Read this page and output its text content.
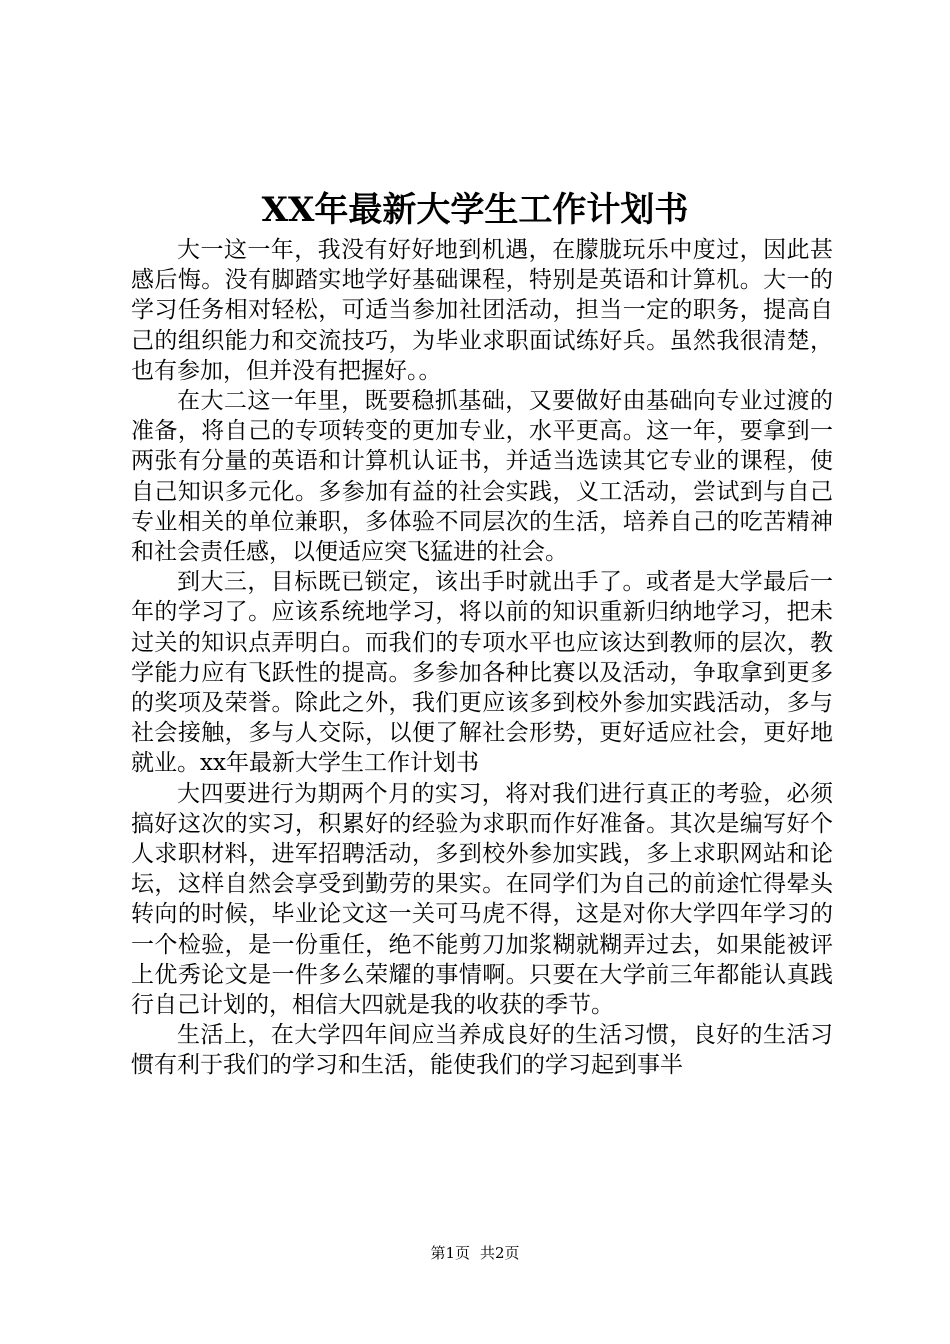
XX年最新大学生工作计划书

大一这一年，我没有好好地到机遇，在朦胧玩乐中度过，因此甚感后悔。没有脚踏实地学好基础课程，特别是英语和计算机。大一的学习任务相对轻松，可适当参加社团活动，担当一定的职务，提高自己的组织能力和交流技巧，为毕业求职面试练好兵。虽然我很清楚，也有参加，但并没有把握好。。

在大二这一年里，既要稳抓基础，又要做好由基础向专业过渡的准备，将自己的专项转变的更加专业，水平更高。这一年，要拿到一两张有分量的英语和计算机认证书，并适当选读其它专业的课程，使自己知识多元化。多参加有益的社会实践，义工活动，尝试到与自己专业相关的单位兼职，多体验不同层次的生活，培养自己的吃苦精神和社会责任感，以便适应突飞猛进的社会。

到大三，目标既已锁定，该出手时就出手了。或者是大学最后一年的学习了。应该系统地学习，将以前的知识重新归纳地学习，把未过关的知识点弄明白。而我们的专项水平也应该达到教师的层次，教学能力应有飞跃性的提高。多参加各种比赛以及活动，争取拿到更多的奖项及荣誉。除此之外，我们更应该多到校外参加实践活动，多与社会接触，多与人交际，以便了解社会形势，更好适应社会，更好地就业。xx年最新大学生工作计划书

大四要进行为期两个月的实习，将对我们进行真正的考验，必须搞好这次的实习，积累好的经验为求职而作好准备。其次是编写好个人求职材料，进军招聘活动，多到校外参加实践，多上求职网站和论坛，这样自然会享受到勤劳的果实。在同学们为自己的前途忙得晕头转向的时候，毕业论文这一关可马虎不得，这是对你大学四年学习的一个检验，是一份重任，绝不能剪刀加浆糊就糊弄过去，如果能被评上优秀论文是一件多么荣耀的事情啊。只要在大学前三年都能认真践行自己计划的，相信大四就是我的收获的季节。

生活上，在大学四年间应当养成良好的生活习惯，良好的生活习惯有利于我们的学习和生活，能使我们的学习起到事半

第1页 共2页
